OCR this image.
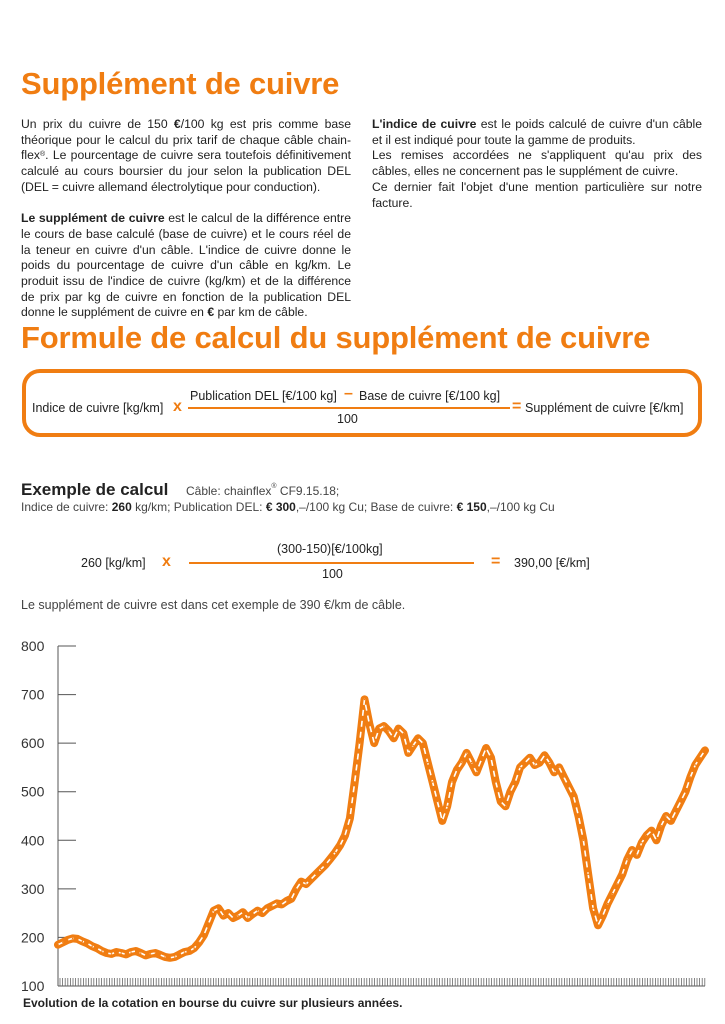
Supplément de cuivre

Un prix du cuivre de 150 €/100 kg est pris comme base théorique pour le calcul du prix tarif de chaque câble chainflex®. Le pourcentage de cuivre sera toutefois définitivement calculé au cours boursier du jour selon la publication DEL (DEL = cuivre allemand électrolytique pour conduction).

Le supplément de cuivre est le calcul de la différence entre le cours de base calculé (base de cuivre) et le cours réel de la teneur en cuivre d'un câble. L'indice de cuivre donne le poids du pourcentage de cuivre d'un câble en kg/km. Le produit issu de l'indice de cuivre (kg/km) et de la différence de prix par kg de cuivre en fonction de la publication DEL donne le supplément de cuivre en € par km de câble.

L'indice de cuivre est le poids calculé de cuivre d'un câble et il est indiqué pour toute la gamme de produits.

Les remises accordées ne s'appliquent qu'au prix des câbles, elles ne concernent pas le supplément de cuivre.

Ce dernier fait l'objet d'une mention particulière sur notre facture.

Formule de calcul du supplément de cuivre
Indice de cuivre [kg/km] x
Publication DEL [€/100 kg] – Base de cuivre [€/100 kg]
100
= Supplément de cuivre [€/km]
Exemple de calcul Câble: chainflex® CF9.15.18;
Indice de cuivre: 260 kg/km; Publication DEL: € 300,–/100 kg Cu; Base de cuivre: € 150,–/100 kg Cu
260 [kg/km] x
(300-150)[€/100kg]
100
= 390,00 [€/km]
Le supplément de cuivre est dans cet exemple de 390 €/km de câble.
100
200
300
400
500
600
700
800
Evolution de la cotation en bourse du cuivre sur plusieurs années.
